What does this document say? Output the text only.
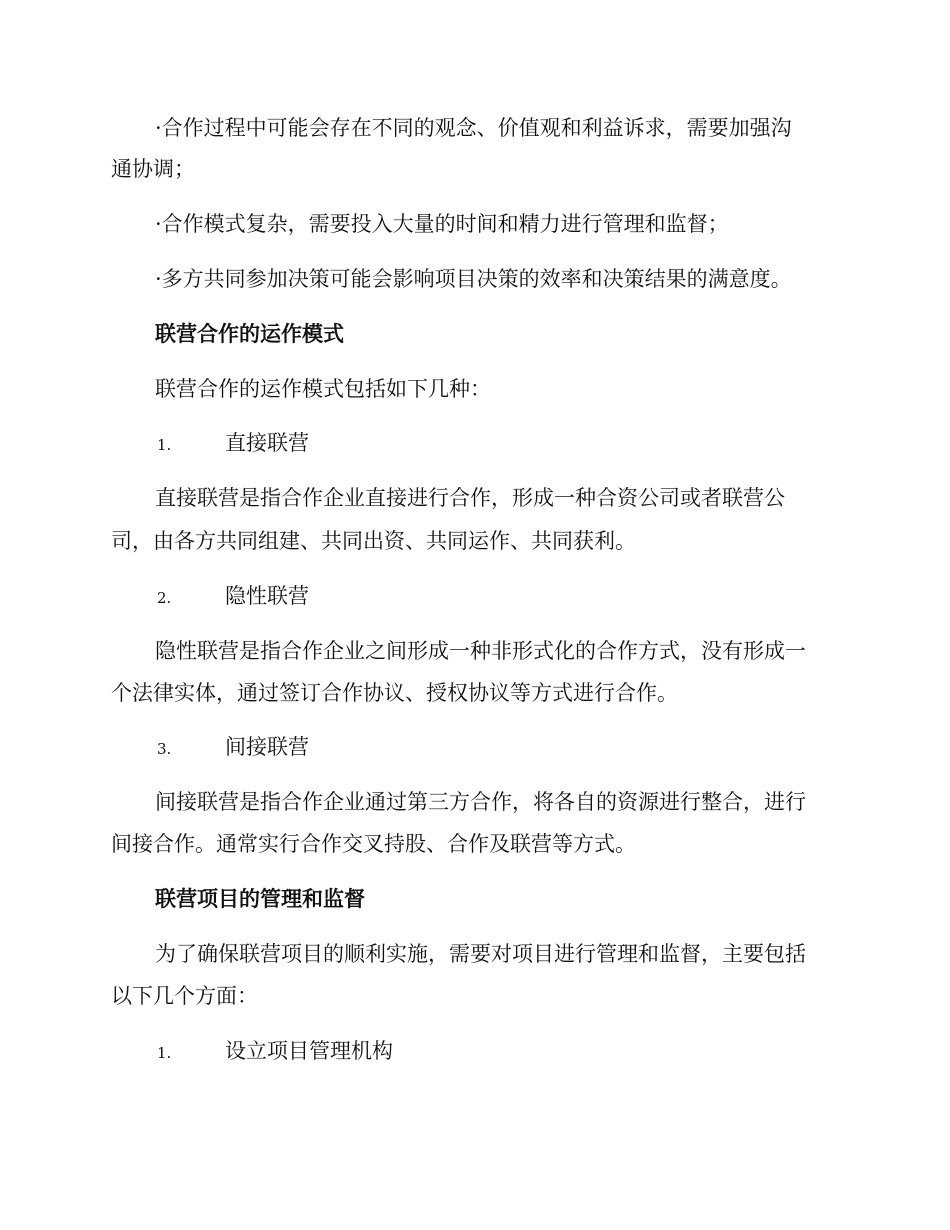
·合作过程中可能会存在不同的观念、价值观和利益诉求，需要加强沟
通协调；
·合作模式复杂，需要投入大量的时间和精力进行管理和监督；
·多方共同参加决策可能会影响项目决策的效率和决策结果的满意度。
联营合作的运作模式
联营合作的运作模式包括如下几种：
1.	直接联营
直接联营是指合作企业直接进行合作，形成一种合资公司或者联营公
司，由各方共同组建、共同出资、共同运作、共同获利。
2.	隐性联营
隐性联营是指合作企业之间形成一种非形式化的合作方式，没有形成一
个法律实体，通过签订合作协议、授权协议等方式进行合作。
3.	间接联营
间接联营是指合作企业通过第三方合作，将各自的资源进行整合，进行
间接合作。通常实行合作交叉持股、合作及联营等方式。
联营项目的管理和监督
为了确保联营项目的顺利实施，需要对项目进行管理和监督，主要包括
以下几个方面：
1.	设立项目管理机构
